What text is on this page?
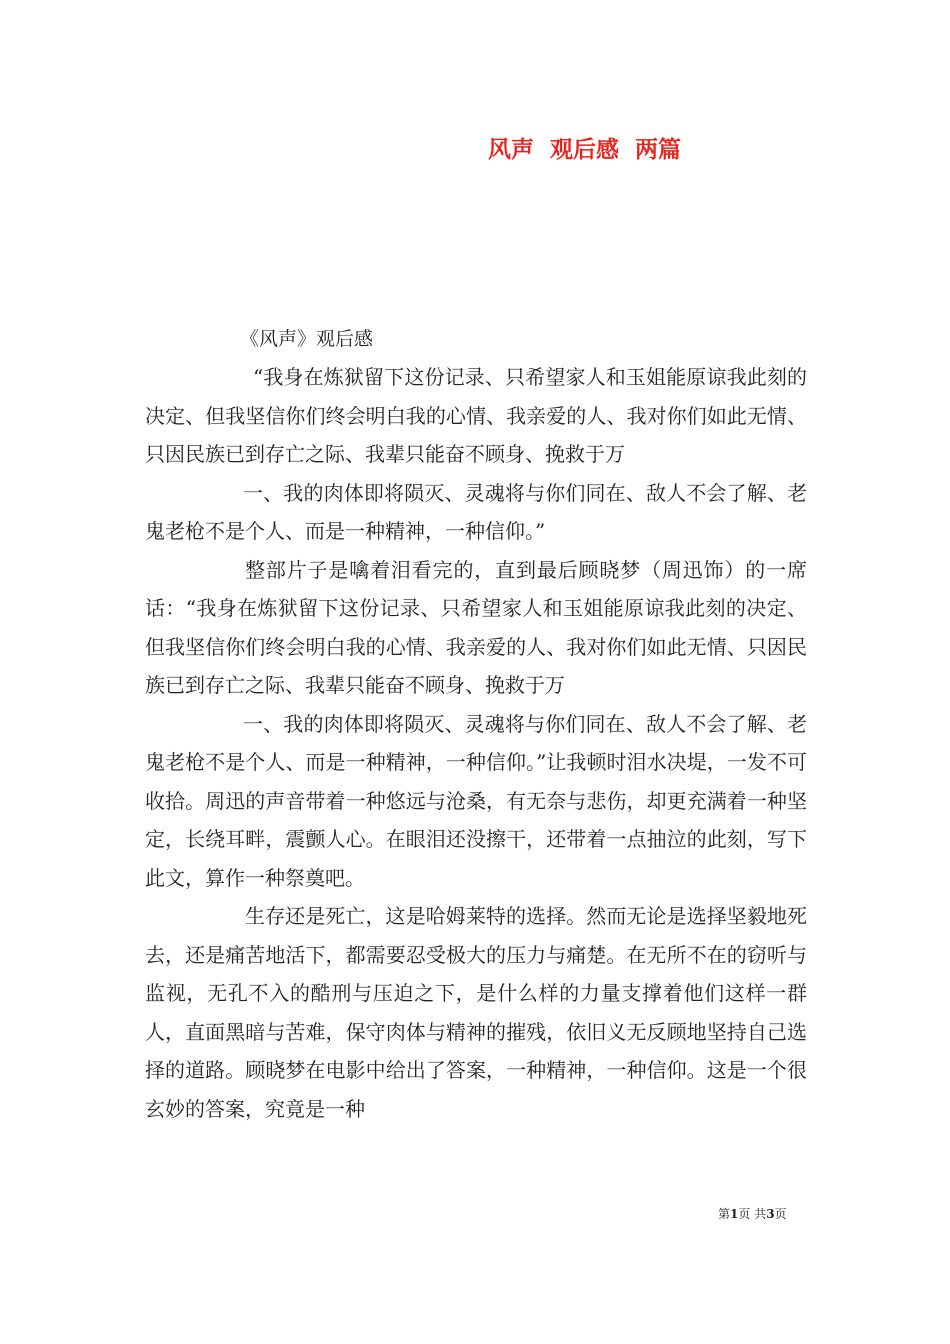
风声  观后感  两篇

《风声》观后感

“我身在炼狱留下这份记录、只希望家人和玉姐能原谅我此刻的决定、但我坚信你们终会明白我的心情、我亲爱的人、我对你们如此无情、只因民族已到存亡之际、我辈只能奋不顾身、挽救于万

一、我的肉体即将陨灭、灵魂将与你们同在、敌人不会了解、老鬼老枪不是个人、而是一种精神，一种信仰。”

整部片子是噙着泪看完的，直到最后顾晓梦（周迅饰）的一席话：“我身在炼狱留下这份记录、只希望家人和玉姐能原谅我此刻的决定、但我坚信你们终会明白我的心情、我亲爱的人、我对你们如此无情、只因民族已到存亡之际、我辈只能奋不顾身、挽救于万

一、我的肉体即将陨灭、灵魂将与你们同在、敌人不会了解、老鬼老枪不是个人、而是一种精神，一种信仰。”让我顿时泪水决堤，一发不可收拾。周迅的声音带着一种悠远与沧桑，有无奈与悲伤，却更充满着一种坚定，长绕耳畔，震颤人心。在眼泪还没擦干，还带着一点抽泣的此刻，写下此文，算作一种祭奠吧。

生存还是死亡，这是哈姆莱特的选择。然而无论是选择坚毅地死去，还是痛苦地活下，都需要忍受极大的压力与痛楚。在无所不在的窃听与监视，无孔不入的酷刑与压迫之下，是什么样的力量支撑着他们这样一群人，直面黑暗与苦难，保守肉体与精神的摧残，依旧义无反顾地坚持自己选择的道路。顾晓梦在电影中给出了答案，一种精神，一种信仰。这是一个很玄妙的答案，究竟是一种

第1页 共3页
